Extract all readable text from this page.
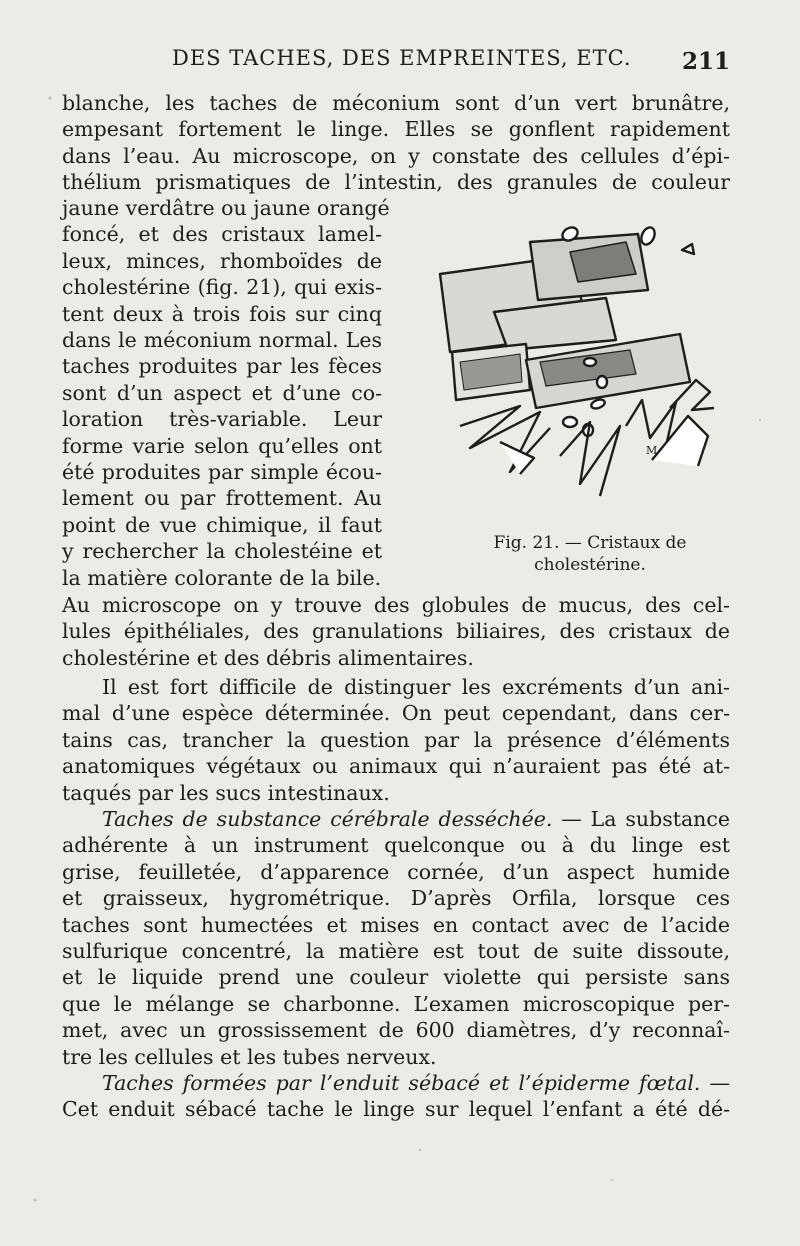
DES TACHES, DES EMPREINTES, ETC. 211
blanche, les taches de méconium sont d’un vert brunâtre,
empesant fortement le linge. Elles se gonflent rapidement
dans l’eau. Au microscope, on y constate des cellules d’épi-
thélium prismatiques de l’intestin, des granules de couleur
jaune verdâtre ou jaune orangé
foncé, et des cristaux lamel-
leux, minces, rhomboïdes de
cholestérine (fig. 21), qui exis-
tent deux à trois fois sur cinq
dans le méconium normal. Les
taches produites par les fèces
sont d’un aspect et d’une co-
loration très-variable. Leur
forme varie selon qu’elles ont
été produites par simple écou-
lement ou par frottement. Au
point de vue chimique, il faut
y rechercher la cholestéine et
la matière colorante de la bile.
M
Fig. 21. — Cristaux de
cholestérine.
Au microscope on y trouve des globules de mucus, des cel-
lules épithéliales, des granulations biliaires, des cristaux de
cholestérine et des débris alimentaires.
Il est fort difficile de distinguer les excréments d’un ani-
mal d’une espèce déterminée. On peut cependant, dans cer-
tains cas, trancher la question par la présence d’éléments
anatomiques végétaux ou animaux qui n’auraient pas été at-
taqués par les sucs intestinaux.
Taches de substance cérébrale desséchée. — La substance
adhérente à un instrument quelconque ou à du linge est
grise, feuilletée, d’apparence cornée, d’un aspect humide
et graisseux, hygrométrique. D’après Orfila, lorsque ces
taches sont humectées et mises en contact avec de l’acide
sulfurique concentré, la matière est tout de suite dissoute,
et le liquide prend une couleur violette qui persiste sans
que le mélange se charbonne. L’examen microscopique per-
met, avec un grossissement de 600 diamètres, d’y reconnaî-
tre les cellules et les tubes nerveux.
Taches formées par l’enduit sébacé et l’épiderme fœtal. —
Cet enduit sébacé tache le linge sur lequel l’enfant a été dé-
